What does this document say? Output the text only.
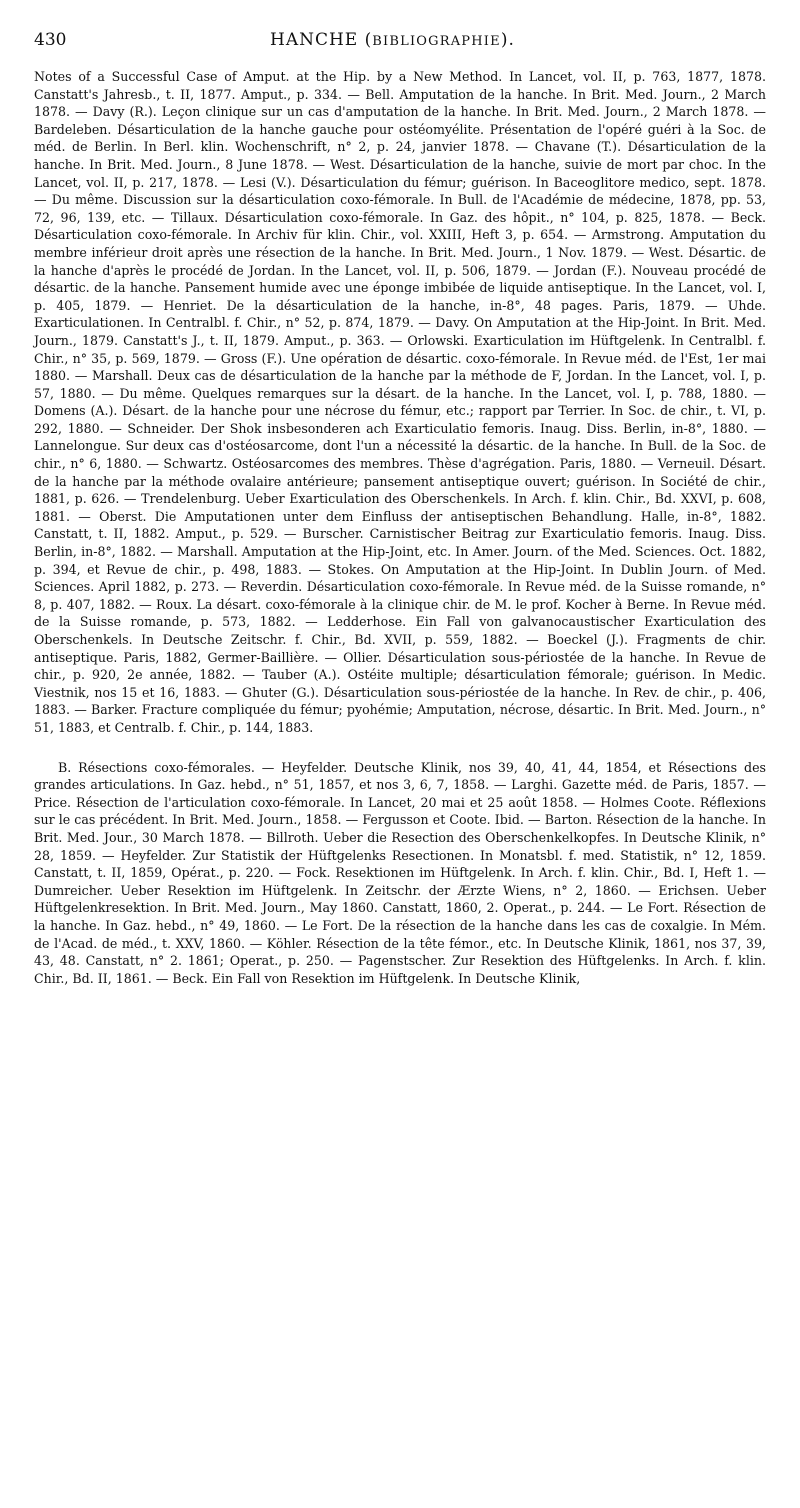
430	HANCHE (BIBLIOGRAPHIE).

Notes of a Successful Case of Amput. at the Hip. by a New Method. In Lancet, vol. II, p. 763, 1877, 1878. Canstatt's Jahresb., t. II, 1877. Amput., p. 334. — Bell. Amputation de la hanche. In Brit. Med. Journ., 2 March 1878. — Davy (R.). Leçon clinique sur un cas d'amputation de la hanche. In Brit. Med. Journ., 2 March 1878. — Bardeleben. Désarticulation de la hanche gauche pour ostéomyélite. Présentation de l'opéré guéri à la Soc. de méd. de Berlin. In Berl. klin. Wochenschrift, n° 2, p. 24, janvier 1878. — Chavane (T.). Désarticulation de la hanche. In Brit. Med. Journ., 8 June 1878. — West. Désarticulation de la hanche, suivie de mort par choc. In the Lancet, vol. II, p. 217, 1878. — Lesi (V.). Désarticulation du fémur; guérison. In Baceoglitore medico, sept. 1878. — Du même. Discussion sur la désarticulation coxo-fémorale. In Bull. de l'Académie de médecine, 1878, pp. 53, 72, 96, 139, etc. — Tillaux. Désarticulation coxo-fémorale. In Gaz. des hôpit., n° 104, p. 825, 1878. — Beck. Désarticulation coxo-fémorale. In Archiv für klin. Chir., vol. XXIII, Heft 3, p. 654. — Armstrong. Amputation du membre inférieur droit après une résection de la hanche. In Brit. Med. Journ., 1 Nov. 1879. — West. Désartic. de la hanche d'après le procédé de Jordan. In the Lancet, vol. II, p. 506, 1879. — Jordan (F.). Nouveau procédé de désartic. de la hanche. Pansement humide avec une éponge imbibée de liquide antiseptique. In the Lancet, vol. I, p. 405, 1879. — Henriet. De la désarticulation de la hanche, in-8°, 48 pages. Paris, 1879. — Uhde. Exarticulationen. In Centralbl. f. Chir., n° 52, p. 874, 1879. — Davy. On Amputation at the Hip-Joint. In Brit. Med. Journ., 1879. Canstatt's J., t. II, 1879. Amput., p. 363. — Orlowski. Exarticulation im Hüftgelenk. In Centralbl. f. Chir., n° 35, p. 569, 1879. — Gross (F.). Une opération de désartic. coxo-fémorale. In Revue méd. de l'Est, 1er mai 1880. — Marshall. Deux cas de désarticulation de la hanche par la méthode de F, Jordan. In the Lancet, vol. I, p. 57, 1880. — Du même. Quelques remarques sur la désart. de la hanche. In the Lancet, vol. I, p. 788, 1880. — Domens (A.). Désart. de la hanche pour une nécrose du fémur, etc.; rapport par Terrier. In Soc. de chir., t. VI, p. 292, 1880. — Schneider. Der Shok insbesonderen ach Exarticulatio femoris. Inaug. Diss. Berlin, in-8°, 1880. — Lannelongue. Sur deux cas d'ostéosarcome, dont l'un a nécessité la désartic. de la hanche. In Bull. de la Soc. de chir., n° 6, 1880. — Schwartz. Ostéosarcomes des membres. Thèse d'agrégation. Paris, 1880. — Verneuil. Désart. de la hanche par la méthode ovalaire antérieure; pansement antiseptique ouvert; guérison. In Société de chir., 1881, p. 626. — Trendelenburg. Ueber Exarticulation des Oberschenkels. In Arch. f. klin. Chir., Bd. XXVI, p. 608, 1881. — Oberst. Die Amputationen unter dem Einfluss der antiseptischen Behandlung. Halle, in-8°, 1882. Canstatt, t. II, 1882. Amput., p. 529. — Burscher. Carnistischer Beitrag zur Exarticulatio femoris. Inaug. Diss. Berlin, in-8°, 1882. — Marshall. Amputation at the Hip-Joint, etc. In Amer. Journ. of the Med. Sciences. Oct. 1882, p. 394, et Revue de chir., p. 498, 1883. — Stokes. On Amputation at the Hip-Joint. In Dublin Journ. of Med. Sciences. April 1882, p. 273. — Reverdin. Désarticulation coxo-fémorale. In Revue méd. de la Suisse romande, n° 8, p. 407, 1882. — Roux. La désart. coxo-fémorale à la clinique chir. de M. le prof. Kocher à Berne. In Revue méd. de la Suisse romande, p. 573, 1882. — Ledderhose. Ein Fall von galvanocaustischer Exarticulation des Oberschenkels. In Deutsche Zeitschr. f. Chir., Bd. XVII, p. 559, 1882. — Boeckel (J.). Fragments de chir. antiseptique. Paris, 1882, Germer-Baillière. — Ollier. Désarticulation sous-périostée de la hanche. In Revue de chir., p. 920, 2e année, 1882. — Tauber (A.). Ostéite multiple; désarticulation fémorale; guérison. In Medic. Viestnik, nos 15 et 16, 1883. — Ghuter (G.). Désarticulation sous-périostée de la hanche. In Rev. de chir., p. 406, 1883. — Barker. Fracture compliquée du fémur; pyohémie; Amputation, nécrose, désartic. In Brit. Med. Journ., n° 51, 1883, et Centralb. f. Chir., p. 144, 1883.

B. Résections coxo-fémorales. — Heyfelder. Deutsche Klinik, nos 39, 40, 41, 44, 1854, et Résections des grandes articulations. In Gaz. hebd., n° 51, 1857, et nos 3, 6, 7, 1858. — Larghi. Gazette méd. de Paris, 1857. — Price. Résection de l'articulation coxo-fémorale. In Lancet, 20 mai et 25 août 1858. — Holmes Coote. Réflexions sur le cas précédent. In Brit. Med. Journ., 1858. — Fergusson et Coote. Ibid. — Barton. Résection de la hanche. In Brit. Med. Jour., 30 March 1878. — Billroth. Ueber die Resection des Oberschenkelkopfes. In Deutsche Klinik, n° 28, 1859. — Heyfelder. Zur Statistik der Hüftgelenks Resectionen. In Monatsbl. f. med. Statistik, n° 12, 1859. Canstatt, t. II, 1859, Opérat., p. 220. — Fock. Resektionen im Hüftgelenk. In Arch. f. klin. Chir., Bd. I, Heft 1. — Dumreicher. Ueber Resektion im Hüftgelenk. In Zeitschr. der Ærzte Wiens, n° 2, 1860. — Erichsen. Ueber Hüftgelenkresektion. In Brit. Med. Journ., May 1860. Canstatt, 1860, 2. Operat., p. 244. — Le Fort. Résection de la hanche. In Gaz. hebd., n° 49, 1860. — Le Fort. De la résection de la hanche dans les cas de coxalgie. In Mém. de l'Acad. de méd., t. XXV, 1860. — Köhler. Résection de la tête fémor., etc. In Deutsche Klinik, 1861, nos 37, 39, 43, 48. Canstatt, n° 2. 1861; Operat., p. 250. — Pagenstscher. Zur Resektion des Hüftgelenks. In Arch. f. klin. Chir., Bd. II, 1861. — Beck. Ein Fall von Resektion im Hüftgelenk. In Deutsche Klinik,
